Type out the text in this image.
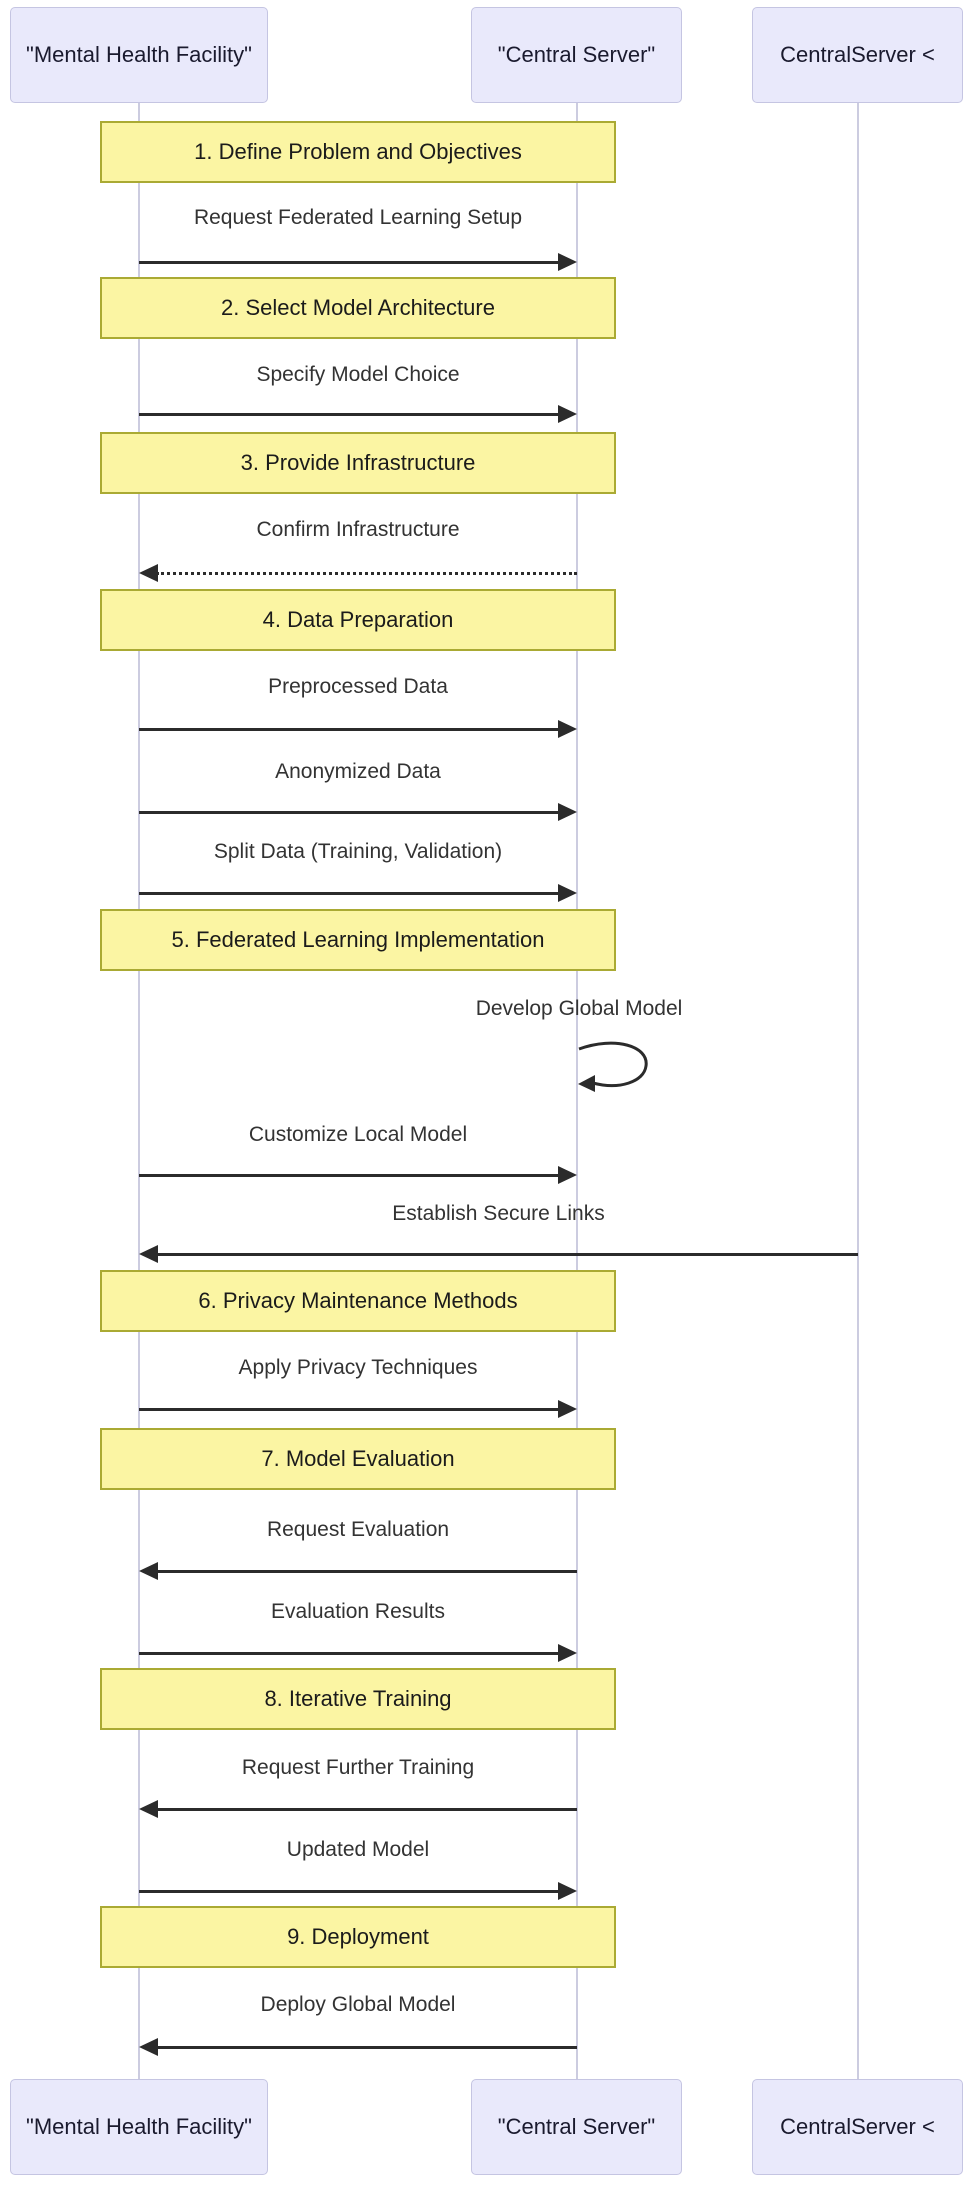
"Mental Health Facility"	"Central Server"	CentralServer <
1. Define Problem and Objectives
Request Federated Learning Setup
2. Select Model Architecture
Specify Model Choice
3. Provide Infrastructure
Confirm Infrastructure
4. Data Preparation
Preprocessed Data
Anonymized Data
Split Data (Training, Validation)
5. Federated Learning Implementation
Develop Global Model
Customize Local Model
Establish Secure Links
6. Privacy Maintenance Methods
Apply Privacy Techniques
7. Model Evaluation
Request Evaluation
Evaluation Results
8. Iterative Training
Request Further Training
Updated Model
9. Deployment
Deploy Global Model
"Mental Health Facility"	"Central Server"	CentralServer <
